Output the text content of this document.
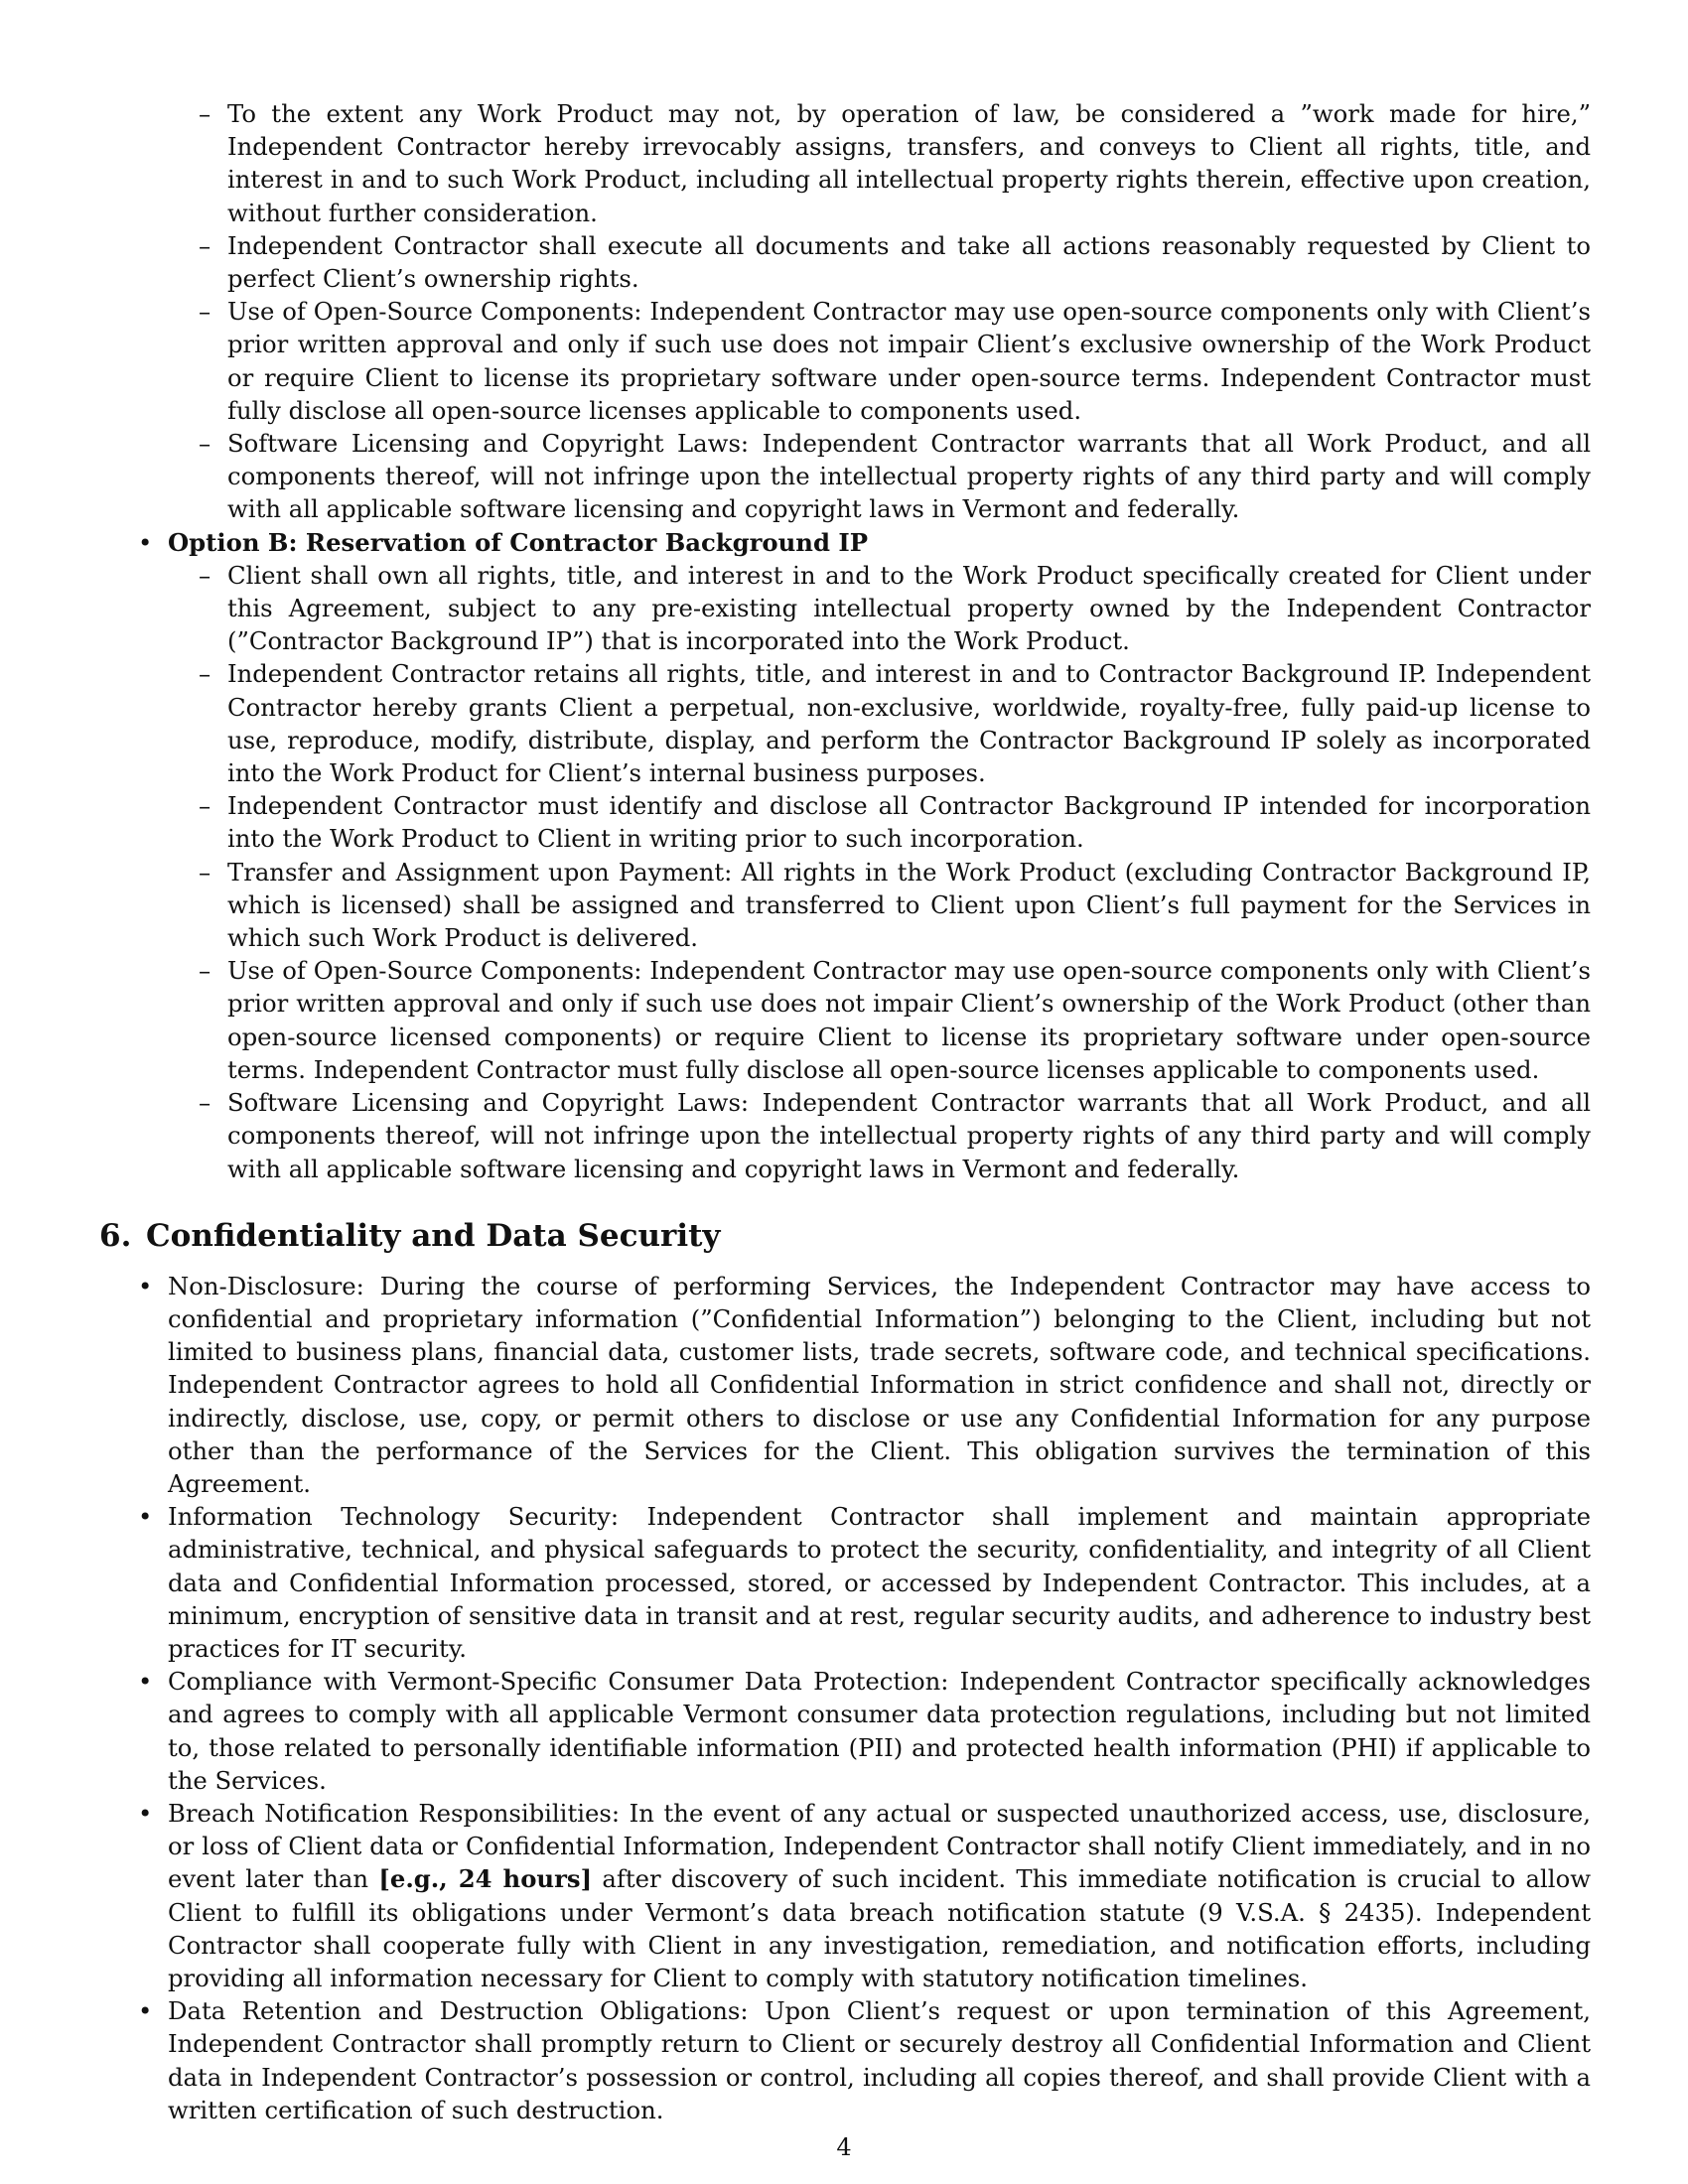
– To the extent any Work Product may not, by operation of law, be considered a ”work made for hire,” Independent Contractor hereby irrevocably assigns, transfers, and conveys to Client all rights, title, and interest in and to such Work Product, including all intellectual property rights therein, effective upon creation, without further consideration.
– Independent Contractor shall execute all documents and take all actions reasonably requested by Client to perfect Client’s ownership rights.
– Use of Open-Source Components: Independent Contractor may use open-source components only with Client’s prior written approval and only if such use does not impair Client’s exclusive ownership of the Work Product or require Client to license its proprietary software under open-source terms. Independent Contractor must fully disclose all open-source licenses applicable to components used.
– Software Licensing and Copyright Laws: Independent Contractor warrants that all Work Product, and all components thereof, will not infringe upon the intellectual property rights of any third party and will comply with all applicable software licensing and copyright laws in Vermont and federally.
• Option B: Reservation of Contractor Background IP
– Client shall own all rights, title, and interest in and to the Work Product specifically created for Client under this Agreement, subject to any pre-existing intellectual property owned by the Independent Contractor (”Contractor Background IP”) that is incorporated into the Work Product.
– Independent Contractor retains all rights, title, and interest in and to Contractor Background IP. Independent Contractor hereby grants Client a perpetual, non-exclusive, worldwide, royalty-free, fully paid-up license to use, reproduce, modify, distribute, display, and perform the Contractor Background IP solely as incorporated into the Work Product for Client’s internal business purposes.
– Independent Contractor must identify and disclose all Contractor Background IP intended for incorporation into the Work Product to Client in writing prior to such incorporation.
– Transfer and Assignment upon Payment: All rights in the Work Product (excluding Contractor Background IP, which is licensed) shall be assigned and transferred to Client upon Client’s full payment for the Services in which such Work Product is delivered.
– Use of Open-Source Components: Independent Contractor may use open-source components only with Client’s prior written approval and only if such use does not impair Client’s ownership of the Work Product (other than open-source licensed components) or require Client to license its proprietary software under open-source terms. Independent Contractor must fully disclose all open-source licenses applicable to components used.
– Software Licensing and Copyright Laws: Independent Contractor warrants that all Work Product, and all components thereof, will not infringe upon the intellectual property rights of any third party and will comply with all applicable software licensing and copyright laws in Vermont and federally.
6. Confidentiality and Data Security
• Non-Disclosure: During the course of performing Services, the Independent Contractor may have access to confidential and proprietary information (”Confidential Information”) belonging to the Client, including but not limited to business plans, financial data, customer lists, trade secrets, software code, and technical specifications. Independent Contractor agrees to hold all Confidential Information in strict confidence and shall not, directly or indirectly, disclose, use, copy, or permit others to disclose or use any Confidential Information for any purpose other than the performance of the Services for the Client. This obligation survives the termination of this Agreement.
• Information Technology Security: Independent Contractor shall implement and maintain appropriate administrative, technical, and physical safeguards to protect the security, confidentiality, and integrity of all Client data and Confidential Information processed, stored, or accessed by Independent Contractor. This includes, at a minimum, encryption of sensitive data in transit and at rest, regular security audits, and adherence to industry best practices for IT security.
• Compliance with Vermont-Specific Consumer Data Protection: Independent Contractor specifically acknowledges and agrees to comply with all applicable Vermont consumer data protection regulations, including but not limited to, those related to personally identifiable information (PII) and protected health information (PHI) if applicable to the Services.
• Breach Notification Responsibilities: In the event of any actual or suspected unauthorized access, use, disclosure, or loss of Client data or Confidential Information, Independent Contractor shall notify Client immediately, and in no event later than [e.g., 24 hours] after discovery of such incident. This immediate notification is crucial to allow Client to fulfill its obligations under Vermont’s data breach notification statute (9 V.S.A. § 2435). Independent Contractor shall cooperate fully with Client in any investigation, remediation, and notification efforts, including providing all information necessary for Client to comply with statutory notification timelines.
• Data Retention and Destruction Obligations: Upon Client’s request or upon termination of this Agreement, Independent Contractor shall promptly return to Client or securely destroy all Confidential Information and Client data in Independent Contractor’s possession or control, including all copies thereof, and shall provide Client with a written certification of such destruction.
4
